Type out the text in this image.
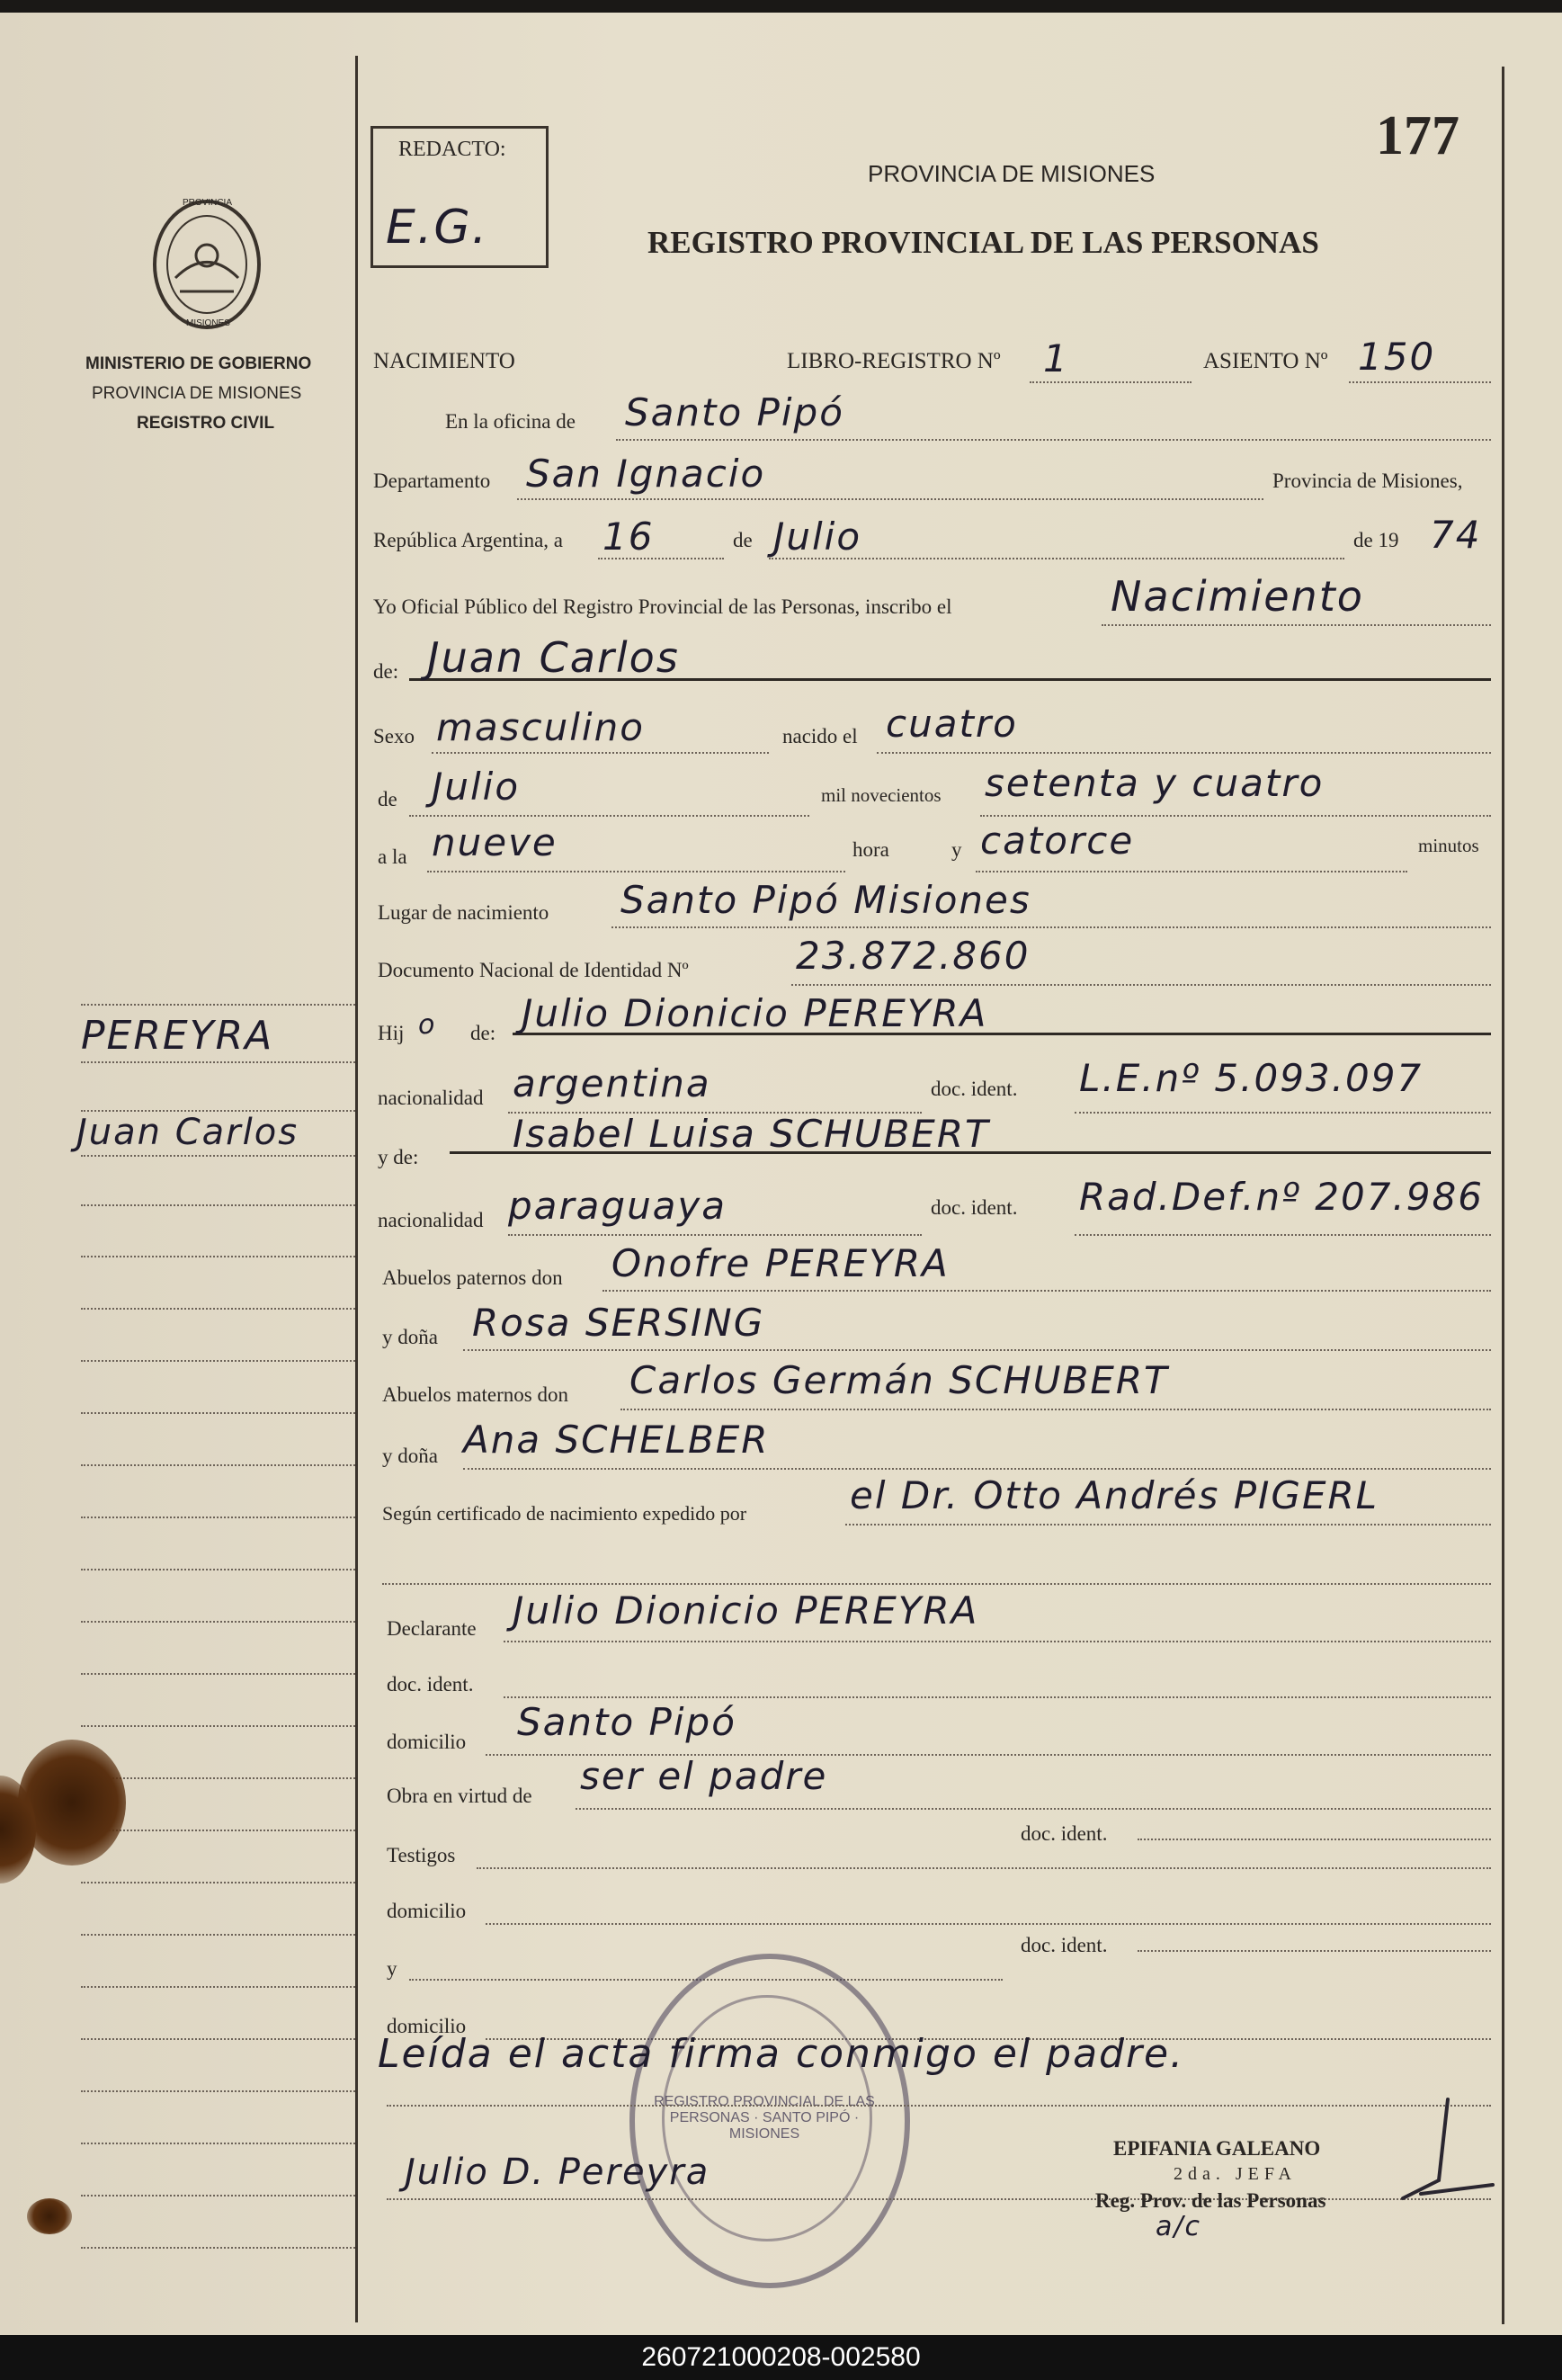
PROVINCIA
MISIONES
MINISTERIO DE GOBIERNO
PROVINCIA DE MISIONES
REGISTRO CIVIL
PEREYRA
Juan Carlos
REDACTO:
E.G.
177
PROVINCIA DE MISIONES
REGISTRO PROVINCIAL DE LAS PERSONAS
NACIMIENTO	LIBRO-REGISTRO Nº 1	ASIENTO Nº 150
En la oficina de Santo Pipó
Departamento San Ignacio	Provincia de Misiones,
República Argentina, a 16	de Julio	de 19 74
Yo Oficial Público del Registro Provincial de las Personas, inscribo el	Nacimiento
de: Juan Carlos
Sexo masculino	nacido el cuatro
de Julio	mil novecientos setenta y cuatro
a la nueve	hora	y catorce	minutos
Lugar de nacimiento Santo Pipó Misiones
Documento Nacional de Identidad Nº	23.872.860
Hij o de: Julio Dionicio PEREYRA
nacionalidad argentina	doc. ident. L.E.nº 5.093.097
y de:
Isabel Luisa SCHUBERT
nacionalidad paraguaya	doc. ident. Rad.Def.nº 207.986
Abuelos paternos don Onofre PEREYRA
y doña Rosa SERSING
Abuelos maternos don Carlos Germán SCHUBERT
y doña Ana SCHELBER
Según certificado de nacimiento expedido por	el Dr. Otto Andrés PIGERL
Declarante Julio Dionicio PEREYRA
doc. ident.
domicilio Santo Pipó
Obra en virtud de ser el padre
doc. ident.
Testigos
domicilio
y
doc. ident.
domicilio
REGISTRO PROVINCIAL DE LAS PERSONAS · SANTO PIPÓ · MISIONES
Leída el acta firma conmigo el padre.
Julio D. Pereyra
EPIFANIA GALEANO
2da. JEFA
Reg. Prov. de las Personas
a/c
260721000208-002580
